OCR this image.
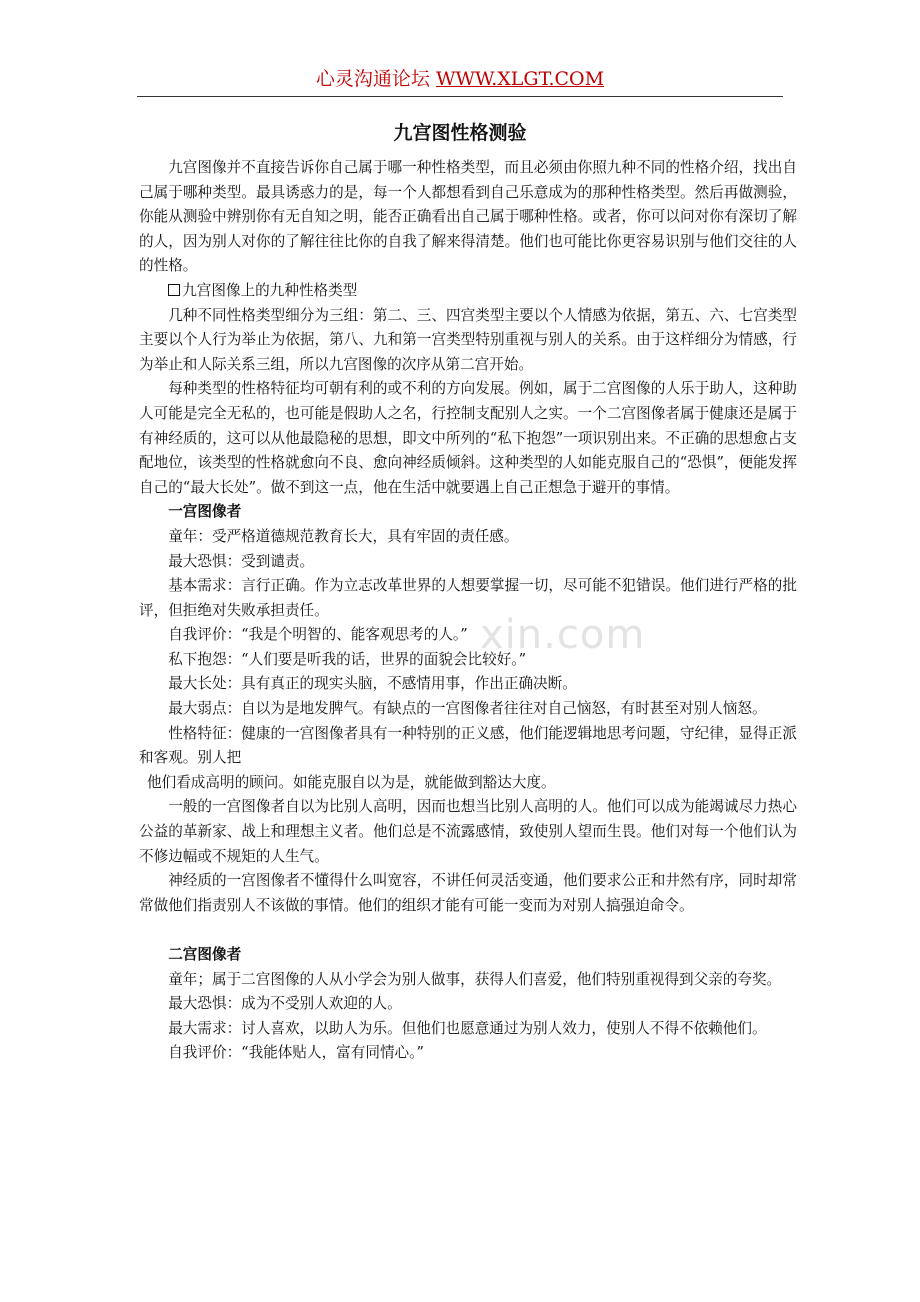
心灵沟通论坛 WWW.XLGT.COM
九宫图性格测验
xin.com

九宫图像并不直接告诉你自己属于哪一种性格类型，而且必须由你照九种不同的性格介绍，找出自己属于哪种类型。最具诱惑力的是，每一个人都想看到自己乐意成为的那种性格类型。然后再做测验，你能从测验中辨别你有无自知之明，能否正确看出自己属于哪种性格。或者，你可以问对你有深切了解的人，因为别人对你的了解往往比你的自我了解来得清楚。他们也可能比你更容易识别与他们交往的人的性格。

九宫图像上的九种性格类型

几种不同性格类型细分为三组：第二、三、四宫类型主要以个人情感为依据，第五、六、七宫类型主要以个人行为举止为依据，第八、九和第一宫类型特别重视与别人的关系。由于这样细分为情感，行为举止和人际关系三组，所以九宫图像的次序从第二宫开始。

每种类型的性格特征均可朝有利的或不利的方向发展。例如，属于二宫图像的人乐于助人，这种助人可能是完全无私的，也可能是假助人之名，行控制支配别人之实。一个二宫图像者属于健康还是属于有神经质的，这可以从他最隐秘的思想，即文中所列的“私下抱怨”一项识别出来。不正确的思想愈占支配地位，该类型的性格就愈向不良、愈向神经质倾斜。这种类型的人如能克服自己的“恐惧”，便能发挥自己的“最大长处”。做不到这一点，他在生活中就要遇上自己正想急于避开的事情。

一宫图像者

童年：受严格道德规范教育长大，具有牢固的责任感。

最大恐惧：受到谴责。

基本需求：言行正确。作为立志改革世界的人想要掌握一切，尽可能不犯错误。他们进行严格的批评，但拒绝对失败承担责任。

自我评价：“我是个明智的、能客观思考的人。”

私下抱怨：“人们要是听我的话，世界的面貌会比较好。”

最大长处：具有真正的现实头脑，不感情用事，作出正确决断。

最大弱点：自以为是地发脾气。有缺点的一宫图像者往往对自己恼怒，有时甚至对别人恼怒。

性格特征：健康的一宫图像者具有一种特别的正义感，他们能逻辑地思考问题，守纪律，显得正派和客观。别人把

他们看成高明的顾问。如能克服自以为是，就能做到豁达大度。

一般的一宫图像者自以为比别人高明，因而也想当比别人高明的人。他们可以成为能竭诚尽力热心公益的革新家、战上和理想主义者。他们总是不流露感情，致使别人望而生畏。他们对每一个他们认为不修边幅或不规矩的人生气。

神经质的一宫图像者不懂得什么叫宽容，不讲任何灵活变通，他们要求公正和井然有序，同时却常常做他们指责别人不该做的事情。他们的组织才能有可能一变而为对别人搞强迫命令。

二宫图像者

童年；属于二宫图像的人从小学会为别人做事，获得人们喜爱，他们特别重视得到父亲的夸奖。

最大恐惧：成为不受别人欢迎的人。

最大需求：讨人喜欢，以助人为乐。但他们也愿意通过为别人效力，使别人不得不依赖他们。

自我评价：“我能体贴人，富有同情心。”
